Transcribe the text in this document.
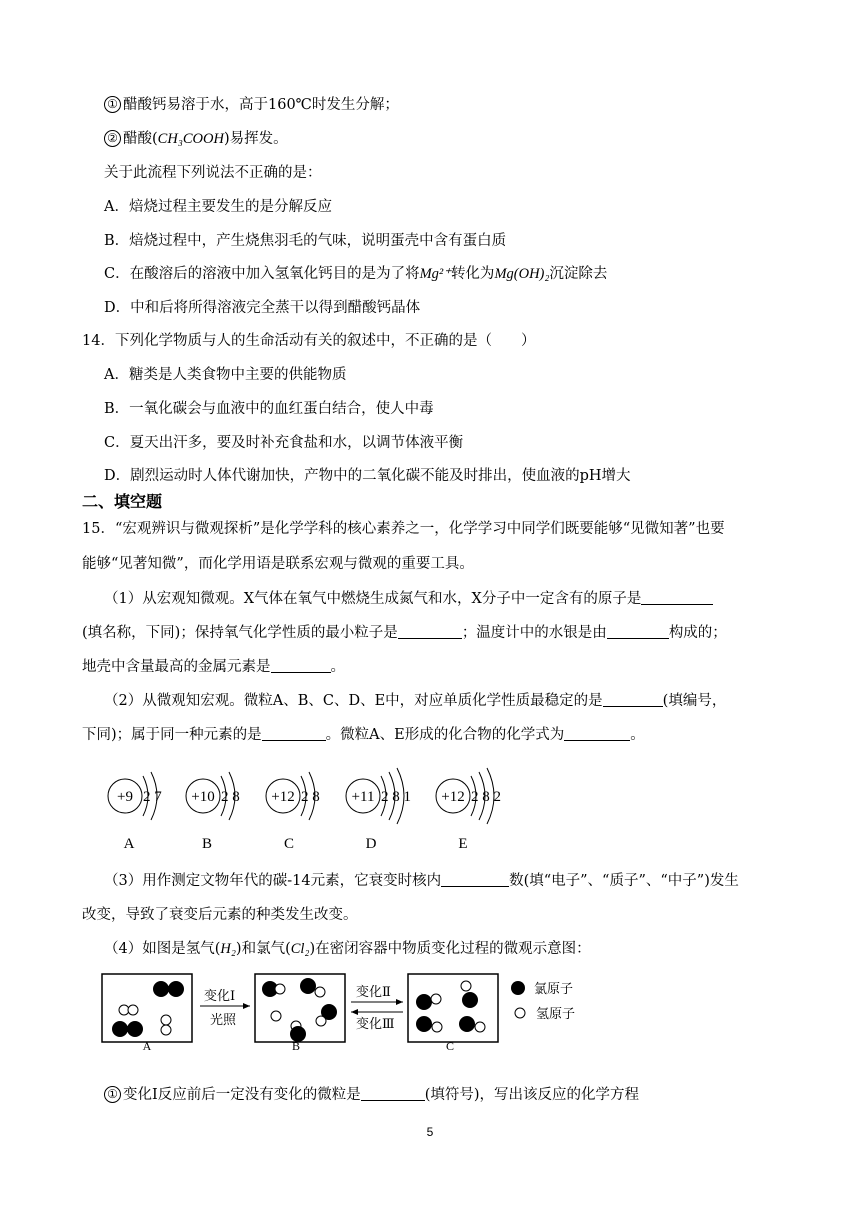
① 醋酸钙易溶于水，高于160℃时发生分解；
② 醋酸(CH₃COOH)易挥发。
关于此流程下列说法不正确的是：
A．焙烧过程主要发生的是分解反应
B．焙烧过程中，产生烧焦羽毛的气味，说明蛋壳中含有蛋白质
C．在酸溶后的溶液中加入氢氧化钙目的是为了将Mg²⁺转化为Mg(OH)₂沉淀除去
D．中和后将所得溶液完全蒸干以得到醋酸钙晶体
14．下列化学物质与人的生命活动有关的叙述中，不正确的是（　　）
A．糖类是人类食物中主要的供能物质
B．一氧化碳会与血液中的血红蛋白结合，使人中毒
C．夏天出汗多，要及时补充食盐和水，以调节体液平衡
D．剧烈运动时人体代谢加快，产物中的二氧化碳不能及时排出，使血液的pH增大
二、填空题
15．“宏观辨识与微观探析”是化学学科的核心素养之一，化学学习中同学们既要能够“见微知著”也要
能够“见著知微”，而化学用语是联系宏观与微观的重要工具。
（1）从宏观知微观。X气体在氧气中燃烧生成氮气和水，X分子中一定含有的原子是
(填名称，下同)；保持氧气化学性质的最小粒子是	；温度计中的水银是由	构成的；
地壳中含量最高的金属元素是	。
（2）从微观知宏观。微粒A、B、C、D、E中，对应单质化学性质最稳定的是	(填编号，
下同)；属于同一种元素的是	。微粒A、E形成的化合物的化学式为	。
+9 2 7
A
+10 2 8
B
+12 2 8
C
+11 2 8 1
D
+12 2 8 2
E
（3）用作测定文物年代的碳-14元素，它衰变时核内	数(填“电子”、“质子”、“中子”)发生
改变，导致了衰变后元素的种类发生改变。
（4）如图是氢气(H₂)和氯气(Cl₂)在密闭容器中物质变化过程的微观示意图：
A
变化Ⅰ
光照
B
变化Ⅱ
变化Ⅲ
C
氯原子
氢原子
① 变化Ⅰ反应前后一定没有变化的微粒是	(填符号)，写出该反应的化学方程
5
